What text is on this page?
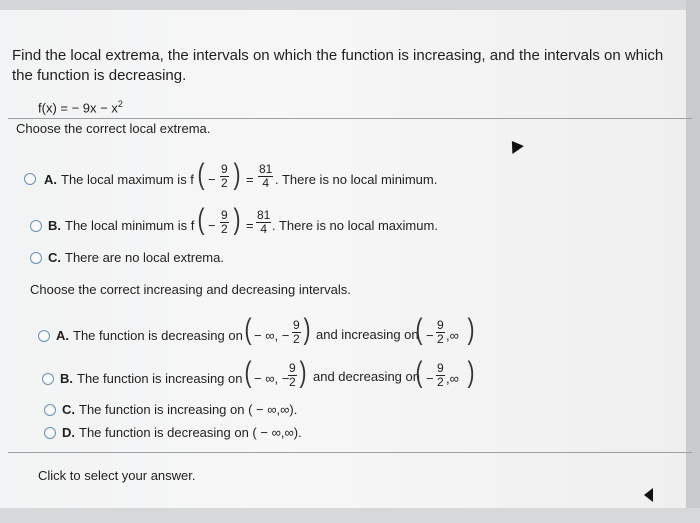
Find the local extrema, the intervals on which the function is increasing, and the intervals on which the function is decreasing.
f(x) = − $9x - x^2$
Choose the correct local extrema.
A. The local maximum is f ( − $\frac{9}{2}$ ) = $\frac{81}{4}$ . There is no local minimum.
B. The local minimum is f ( − $\frac{9}{2}$ ) = $\frac{81}{4}$ . There is no local maximum.
C. There are no local extrema.
Choose the correct increasing and decreasing intervals.
A. The function is decreasing on ( − ∞, − $\frac{9}{2}$ ) and increasing on
( − $\frac{9}{2}$ ,∞ )
B. The function is increasing on ( − ∞, −
$\frac{9}{2}$ ) and decreasing on
( − $\frac{9}{2}$ ,∞ )
C. The function is increasing on ( − ∞,∞).
D. The function is decreasing on ( − ∞,∞).
Click to select your answer.
